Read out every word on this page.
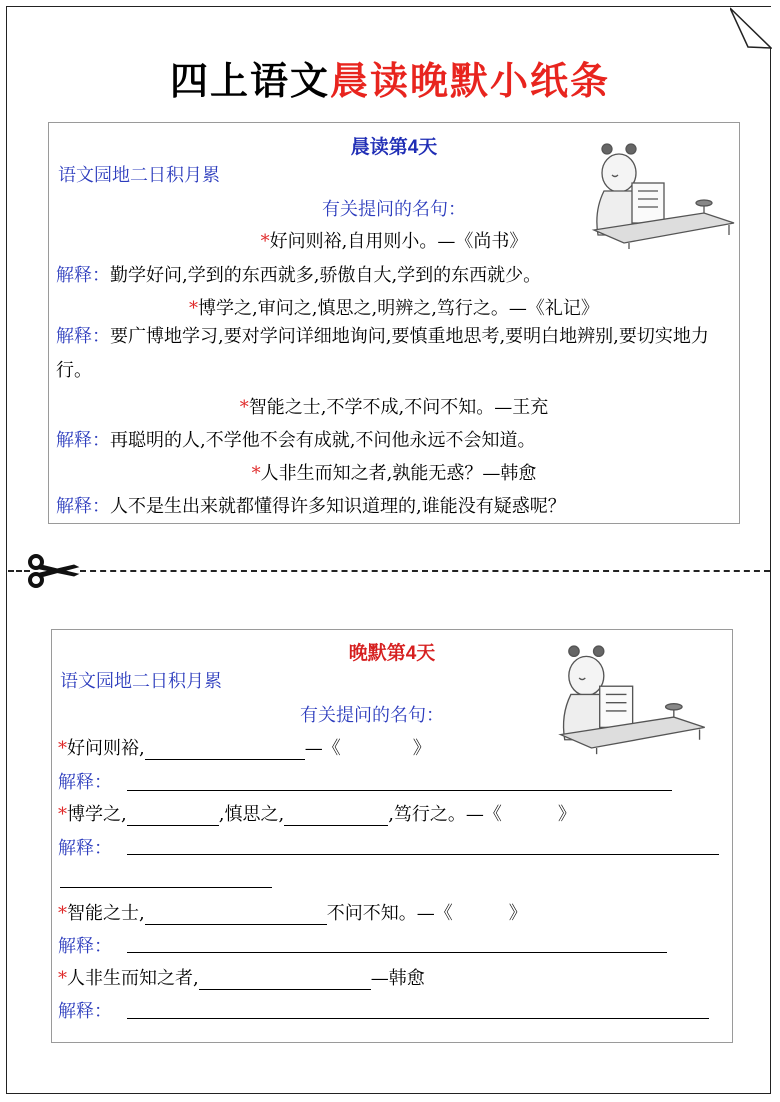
四上语文晨读晚默小纸条
晨读第4天
语文园地二日积月累
有关提问的名句：
*好问则裕,自用则小。—《尚书》
解释：勤学好问,学到的东西就多,骄傲自大,学到的东西就少。
*博学之,审问之,慎思之,明辨之,笃行之。—《礼记》
解释：要广博地学习,要对学问详细地询问,要慎重地思考,要明白地辨别,要切实地力行。
*智能之士,不学不成,不问不知。—王充
解释：再聪明的人,不学他不会有成就,不问他永远不会知道。
*人非生而知之者,孰能无惑？—韩愈
解释：人不是生出来就都懂得许多知识道理的,谁能没有疑惑呢？
晚默第4天
语文园地二日积月累
有关提问的名句：
*好问则裕,	—《	》
解释：
*博学之,	,慎思之,	,笃行之。—《	》
解释：
*智能之士,	不问不知。—《	》
解释：
*人非生而知之者,	—韩愈
解释：
